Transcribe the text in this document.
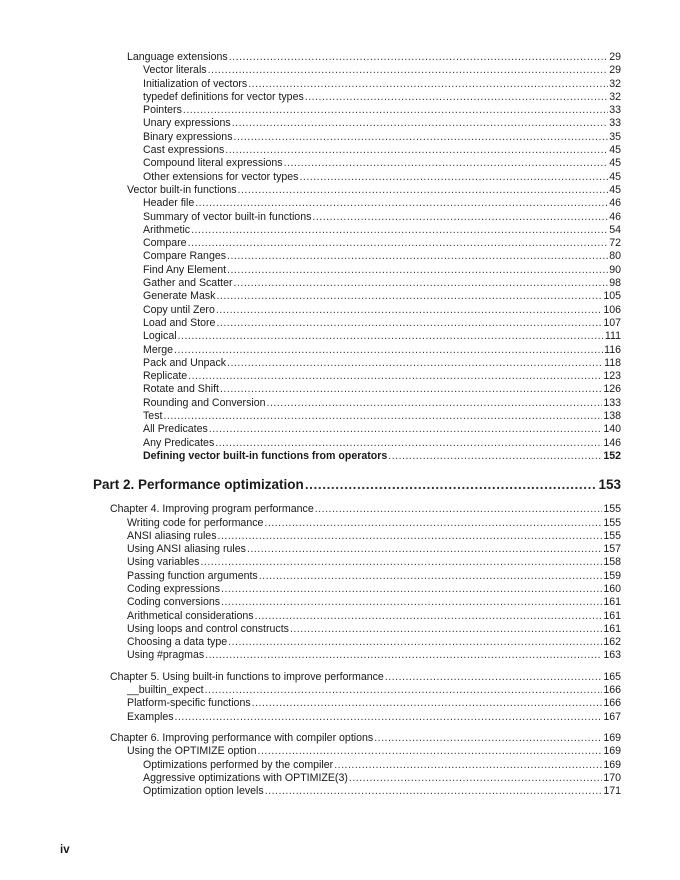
Language extensions .....	29
Vector literals .....	29
Initialization of vectors .....	32
typedef definitions for vector types .....	32
Pointers .....	33
Unary expressions .....	33
Binary expressions .....	35
Cast expressions .....	45
Compound literal expressions .....	45
Other extensions for vector types .....	45
Vector built-in functions .....	45
Header file .....	46
Summary of vector built-in functions .....	46
Arithmetic .....	54
Compare .....	72
Compare Ranges .....	80
Find Any Element .....	90
Gather and Scatter .....	98
Generate Mask .....	105
Copy until Zero .....	106
Load and Store .....	107
Logical .....	111
Merge .....	116
Pack and Unpack .....	118
Replicate .....	123
Rotate and Shift .....	126
Rounding and Conversion .....	133
Test .....	138
All Predicates .....	140
Any Predicates .....	146
Defining vector built-in functions from operators .....	152
Part 2. Performance optimization .....	153
Chapter 4. Improving program performance .....	155
Writing code for performance .....	155
ANSI aliasing rules .....	155
Using ANSI aliasing rules .....	157
Using variables .....	158
Passing function arguments .....	159
Coding expressions .....	160
Coding conversions .....	161
Arithmetical considerations .....	161
Using loops and control constructs .....	161
Choosing a data type .....	162
Using #pragmas .....	163
Chapter 5. Using built-in functions to improve performance .....	165
__builtin_expect .....	166
Platform-specific functions .....	166
Examples .....	167
Chapter 6. Improving performance with compiler options .....	169
Using the OPTIMIZE option .....	169
Optimizations performed by the compiler .....	169
Aggressive optimizations with OPTIMIZE(3) .....	170
Optimization option levels .....	171
iv
